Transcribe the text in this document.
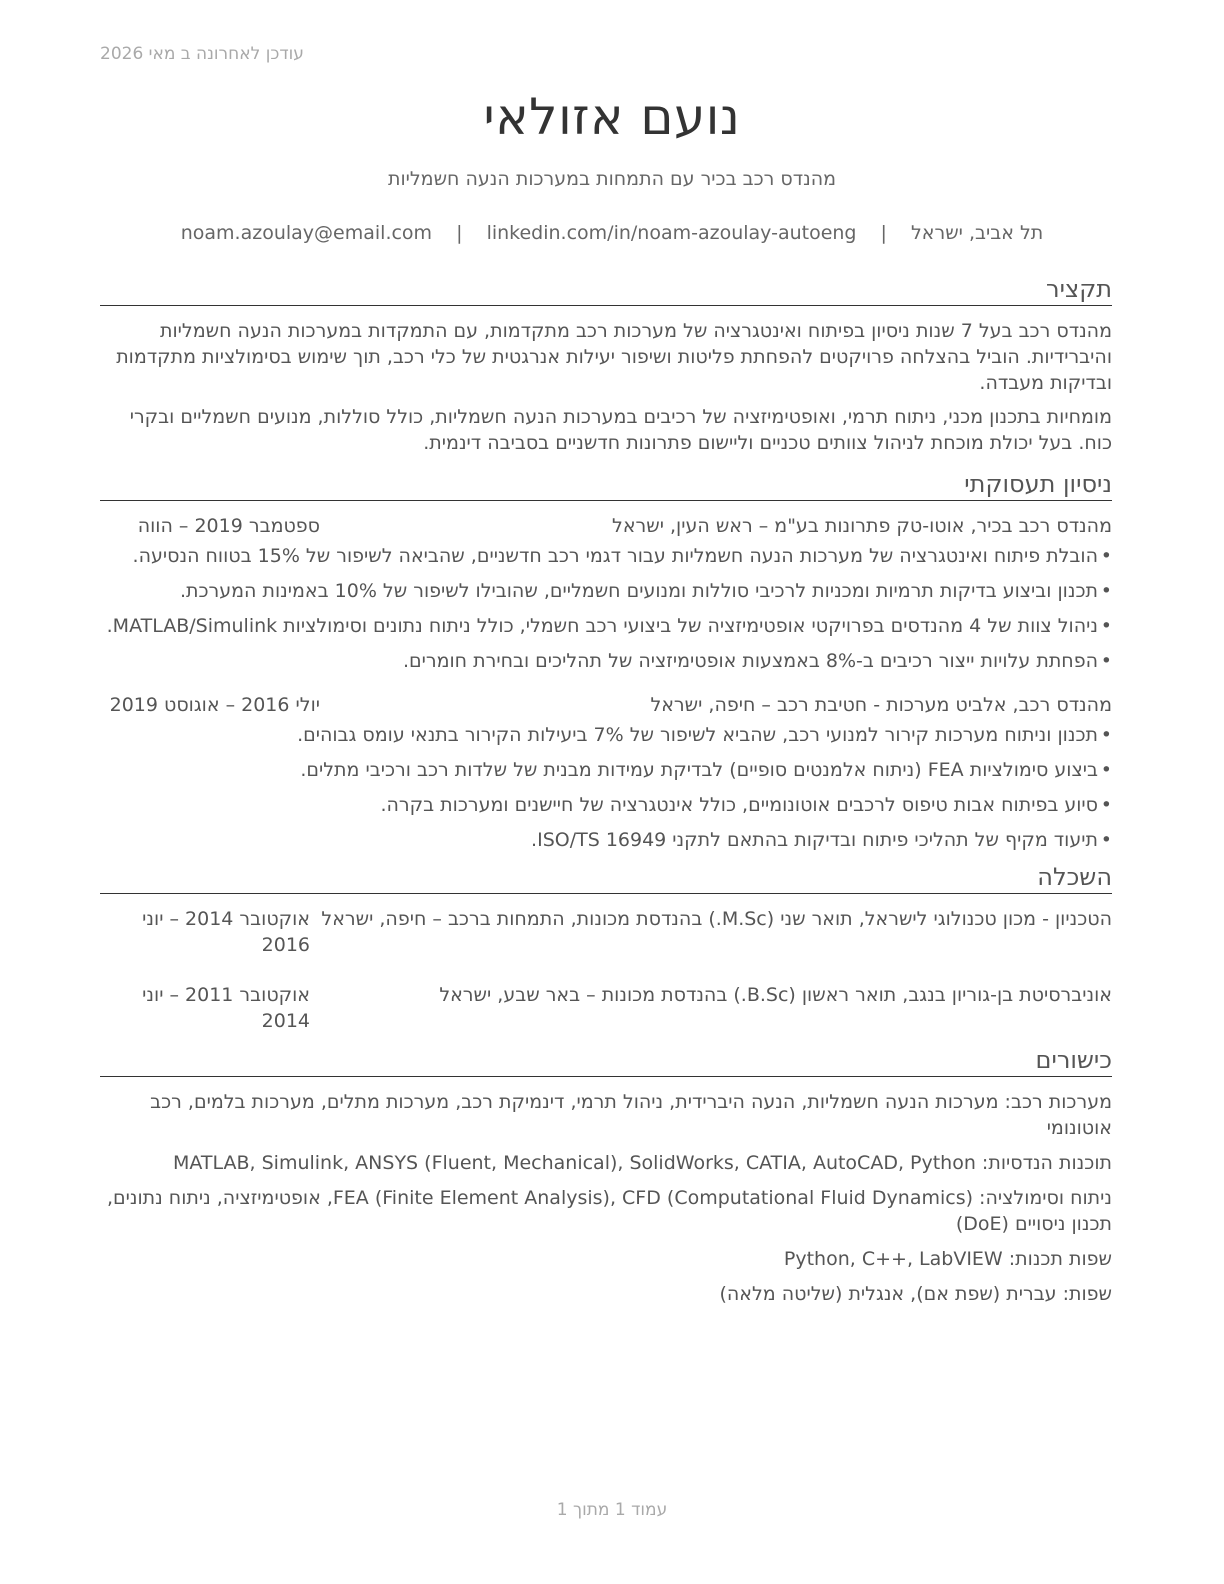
עודכן לאחרונה ב מאי 2026
נועם אזולאי
מהנדס רכב בכיר עם התמחות במערכות הנעה חשמליות
תל אביב, ישראל | noam.azoulay@email.com | linkedin.com/in/noam-azoulay-autoeng
תקציר

מהנדס רכב בעל 7 שנות ניסיון בפיתוח ואינטגרציה של מערכות רכב מתקדמות, עם התמקדות במערכות הנעה חשמליות והיברידיות. הוביל בהצלחה פרויקטים להפחתת פליטות ושיפור יעילות אנרגטית של כלי רכב, תוך שימוש בסימולציות מתקדמות ובדיקות מעבדה.

מומחיות בתכנון מכני, ניתוח תרמי, ואופטימיזציה של רכיבים במערכות הנעה חשמליות, כולל סוללות, מנועים חשמליים ובקרי כוח. בעל יכולת מוכחת לניהול צוותים טכניים וליישום פתרונות חדשניים בסביבה דינמית.

ניסיון תעסוקתי
מהנדס רכב בכיר, אוטו-טק פתרונות בע"מ – ראש העין, ישראל
ספטמבר 2019 – הווה
• הובלת פיתוח ואינטגרציה של מערכות הנעה חשמליות עבור דגמי רכב חדשניים, שהביאה לשיפור של 15% בטווח הנסיעה.
• תכנון וביצוע בדיקות תרמיות ומכניות לרכיבי סוללות ומנועים חשמליים, שהובילו לשיפור של 10% באמינות המערכת.
• ניהול צוות של 4 מהנדסים בפרויקטי אופטימיזציה של ביצועי רכב חשמלי, כולל ניתוח נתונים וסימולציות MATLAB/Simulink.
• הפחתת עלויות ייצור רכיבים ב-8% באמצעות אופטימיזציה של תהליכים ובחירת חומרים.
מהנדס רכב, אלביט מערכות - חטיבת רכב – חיפה, ישראל
יולי 2016 – אוגוסט 2019
• תכנון וניתוח מערכות קירור למנועי רכב, שהביא לשיפור של 7% ביעילות הקירור בתנאי עומס גבוהים.
• ביצוע סימולציות FEA (ניתוח אלמנטים סופיים) לבדיקת עמידות מבנית של שלדות רכב ורכיבי מתלים.
• סיוע בפיתוח אבות טיפוס לרכבים אוטונומיים, כולל אינטגרציה של חיישנים ומערכות בקרה.
• תיעוד מקיף של תהליכי פיתוח ובדיקות בהתאם לתקני ISO/TS 16949.
השכלה
הטכניון - מכון טכנולוגי לישראל, תואר שני (M.Sc.) בהנדסת מכונות, התמחות ברכב – חיפה, ישראל
אוקטובר 2014 – יוני 2016
אוניברסיטת בן-גוריון בנגב, תואר ראשון (B.Sc.) בהנדסת מכונות – באר שבע, ישראל
אוקטובר 2011 – יוני 2014
כישורים
מערכות רכב: מערכות הנעה חשמליות, הנעה היברידית, ניהול תרמי, דינמיקת רכב, מערכות מתלים, מערכות בלמים, רכב אוטונומי
תוכנות הנדסיות: MATLAB, Simulink, ANSYS (Fluent, Mechanical), SolidWorks, CATIA, AutoCAD, Python
ניתוח וסימולציה: FEA (Finite Element Analysis), CFD (Computational Fluid Dynamics), אופטימיזציה, ניתוח נתונים, תכנון ניסויים (DoE)
שפות תכנות: Python, C++, LabVIEW
שפות: עברית (שפת אם), אנגלית (שליטה מלאה)
עמוד 1 מתוך 1
